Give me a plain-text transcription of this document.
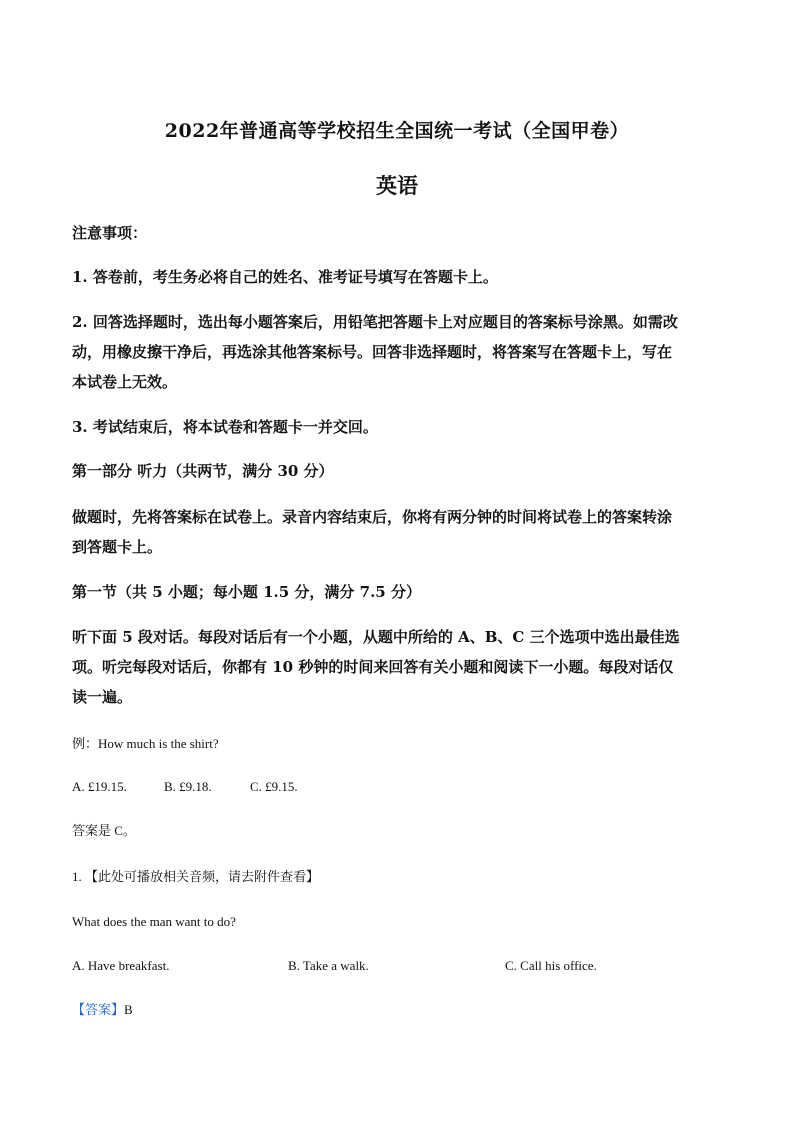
2022年普通高等学校招生全国统一考试（全国甲卷）
英语
注意事项：
1. 答卷前，考生务必将自己的姓名、准考证号填写在答题卡上。
2. 回答选择题时，选出每小题答案后，用铅笔把答题卡上对应题目的答案标号涂黑。如需改
动，用橡皮擦干净后，再选涂其他答案标号。回答非选择题时，将答案写在答题卡上，写在
本试卷上无效。
3. 考试结束后，将本试卷和答题卡一并交回。
第一部分 听力（共两节，满分 30 分）
做题时，先将答案标在试卷上。录音内容结束后，你将有两分钟的时间将试卷上的答案转涂
到答题卡上。
第一节（共 5 小题；每小题 1.5 分，满分 7.5 分）
听下面 5 段对话。每段对话后有一个小题，从题中所给的 A、B、C 三个选项中选出最佳选
项。听完每段对话后，你都有 10 秒钟的时间来回答有关小题和阅读下一小题。每段对话仅
读一遍。
例：How much is the shirt?
A. £19.15.	B. £9.18.	C. £9.15.
答案是 C。
1. 【此处可播放相关音频，请去附件查看】
What does the man want to do?
A. Have breakfast.	B. Take a walk.	C. Call his office.
【答案】B
